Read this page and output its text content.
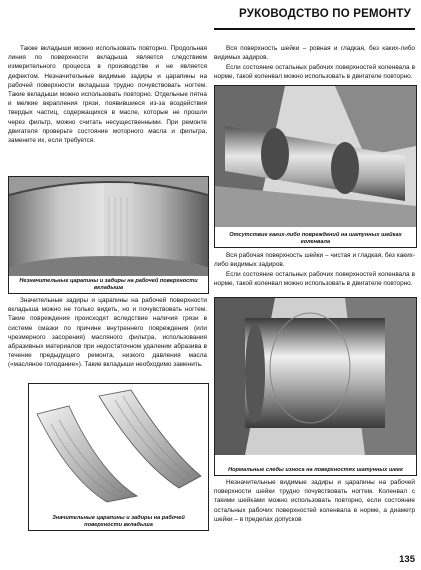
РУКОВОДСТВО ПО РЕМОНТУ

Также вкладыши можно использовать повторно. Продольная линия по поверхности вкладыша является следствием измерительного процесса в производстве и не является дефектом. Незначительные видимые задиры и царапины на рабочей поверхности вкладыша трудно почувствовать ногтем. Такие вкладыши можно использовать повторно. Отдельные пятна и мелкие вкрапления грязи, появившиеся из-за воздействия твердых частиц, содержащихся в масле, которые не прошли через фильтр, можно считать несущественными. При ремонте двигателя проверьте состояние моторного масла и фильтра, замените их, если требуется.

Незначительные царапины и задиры на рабочей поверхности вкладыша

Значительные задиры и царапины на рабочей поверхности вкладыша можно не только видеть, но и почувствовать ногтем. Такие повреждения происходят вследствие наличия грязи в системе смазки по причине внутреннего повреждения (или чрезмерного засорения) масляного фильтра, использования абразивных материалов при недостаточном удалении абразива в течение предыдущего ремонта, низкого давления масла («масляное голодание»). Такие вкладыши необходимо заменить.

Значительные царапины и задиры на рабочей поверхности вкладыша

Вся поверхность шейки – ровная и гладкая, без каких-либо видимых задиров.

Если состояние остальных рабочих поверхностей коленвала в норме, такой коленвал можно использовать в двигателе повторно.

Отсутствие каких-либо повреждений на шатунных шейках коленвала

Вся рабочая поверхность шейки – чистая и гладкая, без каких-либо видимых задиров.

Если состояние остальных рабочих поверхностей коленвала в норме, такой коленвал можно использовать в двигателе повторно.

Нормальные следы износа на поверхностях шатунных шеек

Незначительные видимые задиры и царапины на рабочей поверхности шейки трудно почувствовать ногтем. Коленвал с такими шейками можно использовать повторно, если состояние остальных рабочих поверхностей коленвала в норме, а диаметр шейки – в пределах допусков

135
